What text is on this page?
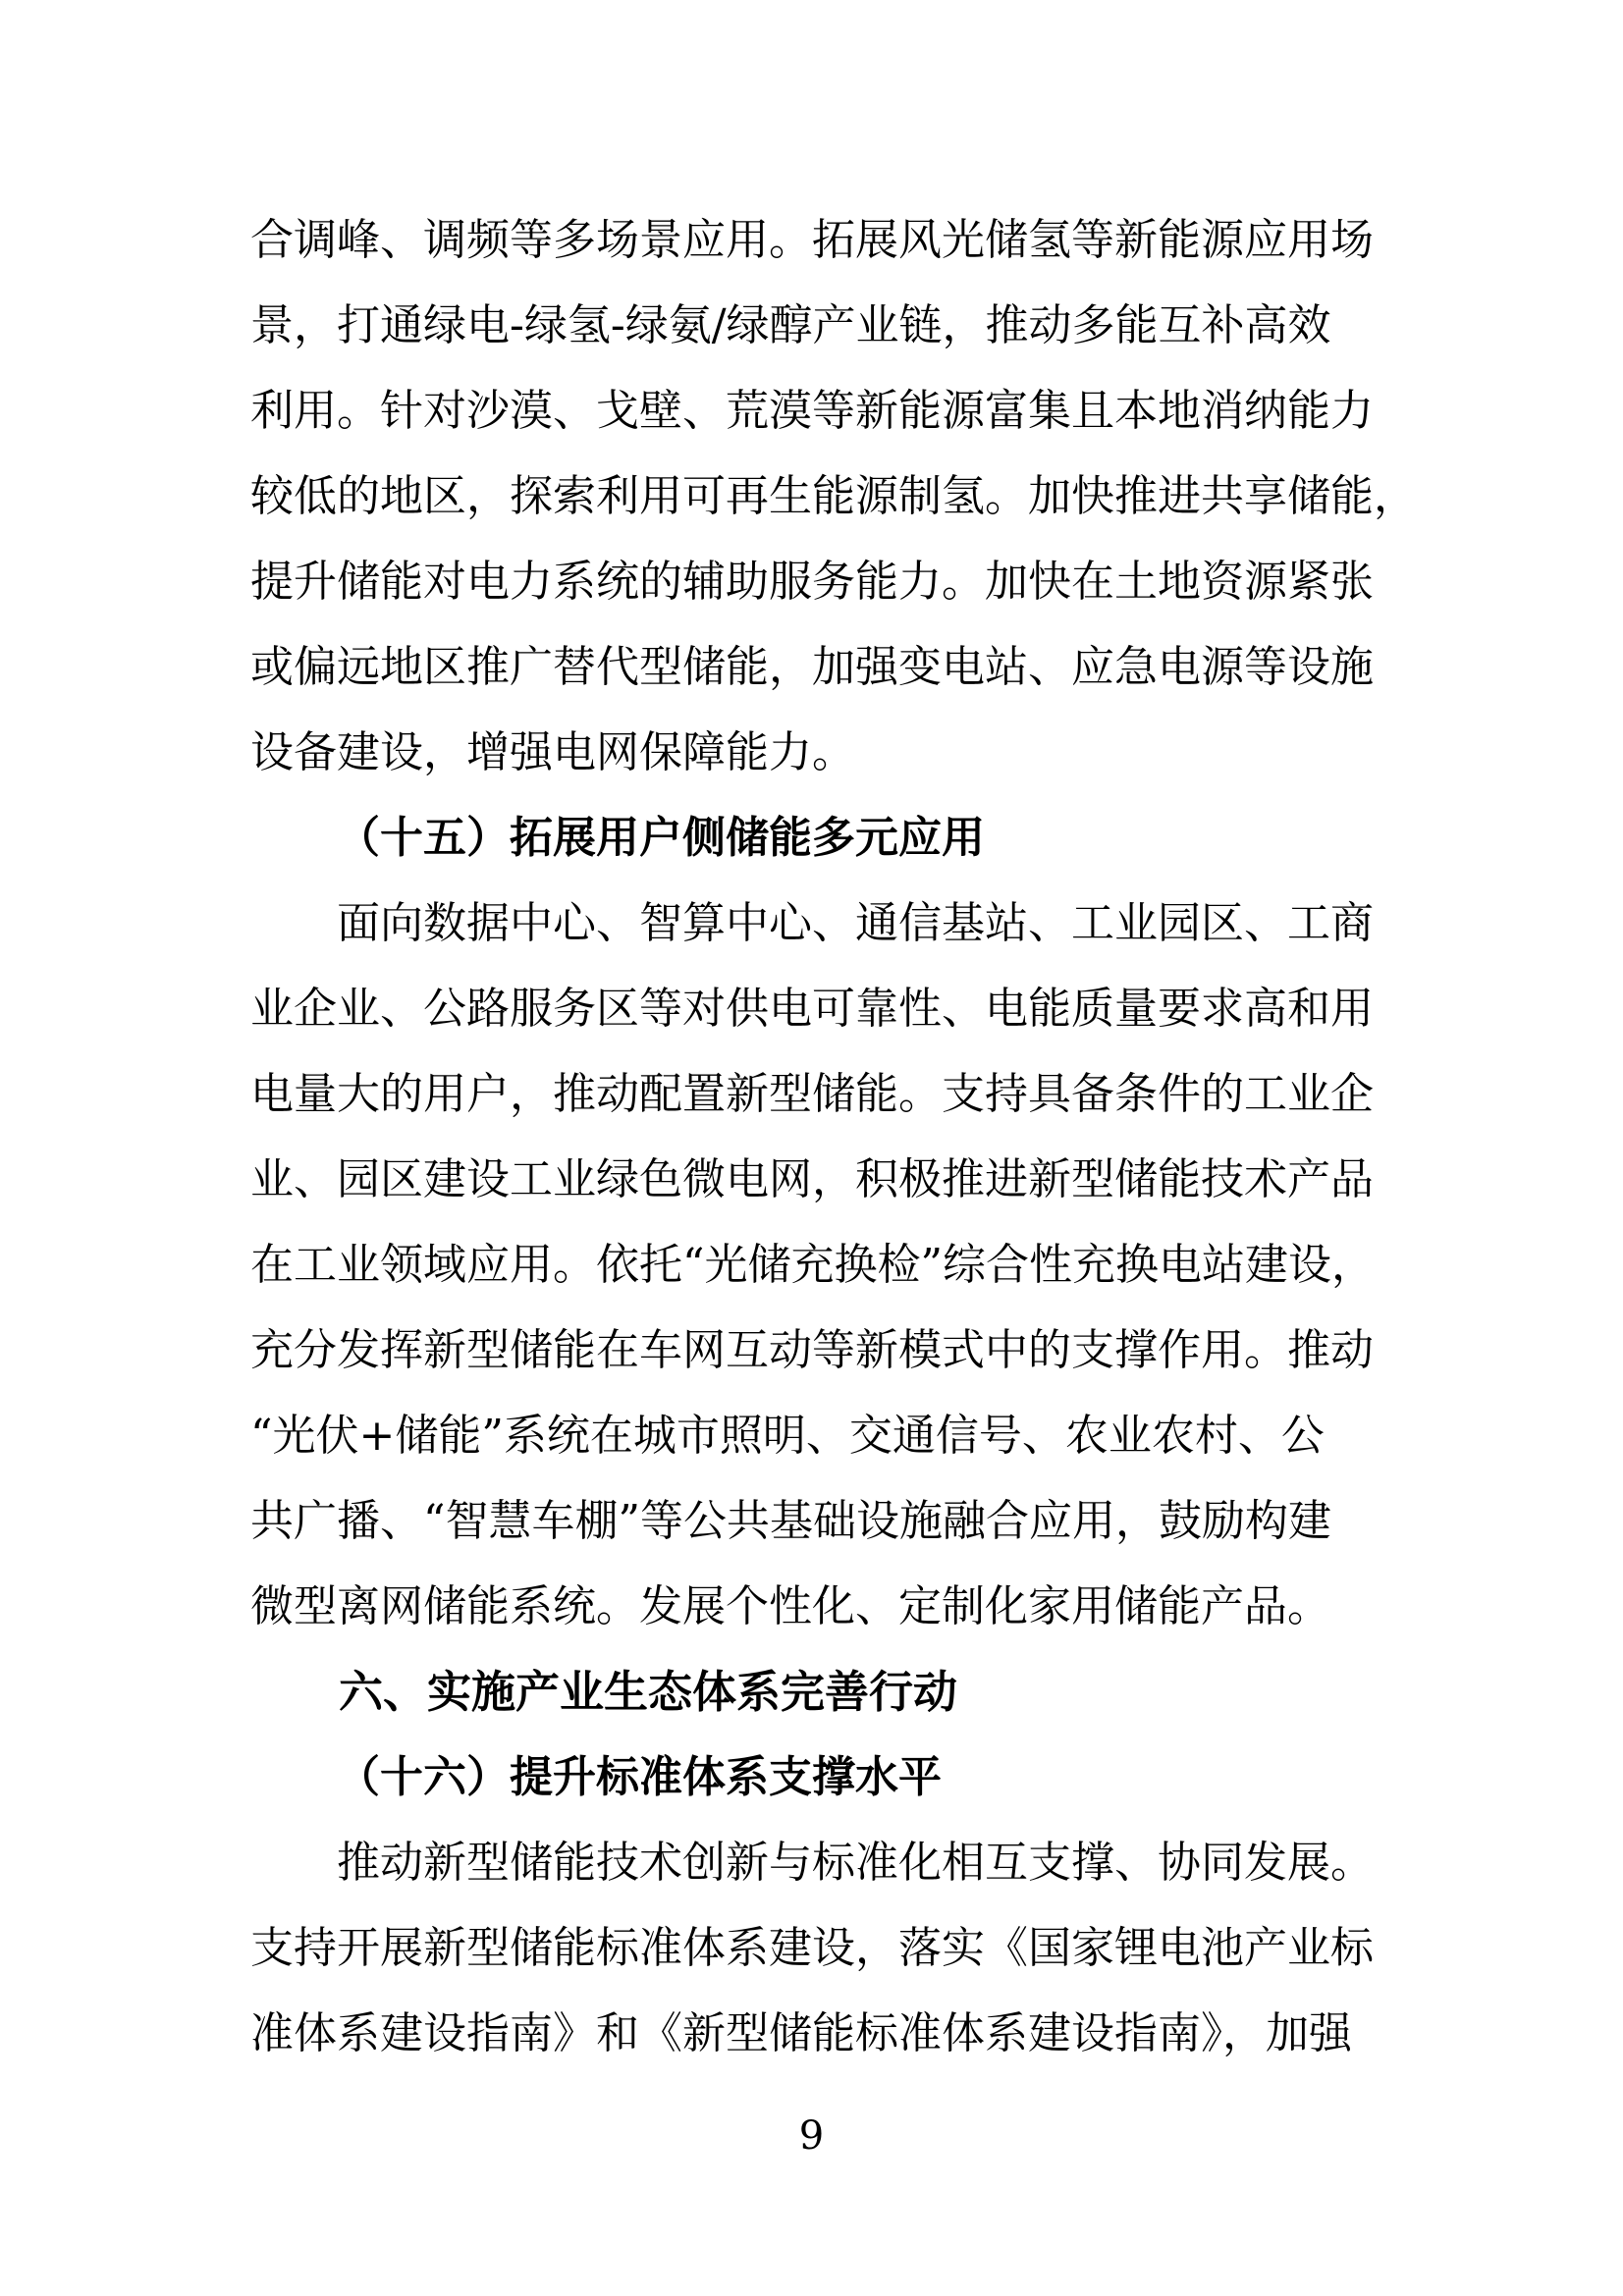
合调峰、调频等多场景应用。拓展风光储氢等新能源应用场
景，打通绿电-绿氢-绿氨/绿醇产业链，推动多能互补高效
利用。针对沙漠、戈壁、荒漠等新能源富集且本地消纳能力
较低的地区，探索利用可再生能源制氢。加快推进共享储能，
提升储能对电力系统的辅助服务能力。加快在土地资源紧张
或偏远地区推广替代型储能，加强变电站、应急电源等设施
设备建设，增强电网保障能力。
（十五）拓展用户侧储能多元应用
面向数据中心、智算中心、通信基站、工业园区、工商
业企业、公路服务区等对供电可靠性、电能质量要求高和用
电量大的用户，推动配置新型储能。支持具备条件的工业企
业、园区建设工业绿色微电网，积极推进新型储能技术产品
在工业领域应用。依托“光储充换检”综合性充换电站建设，
充分发挥新型储能在车网互动等新模式中的支撑作用。推动
“光伏+储能”系统在城市照明、交通信号、农业农村、公
共广播、“智慧车棚”等公共基础设施融合应用，鼓励构建
微型离网储能系统。发展个性化、定制化家用储能产品。
六、实施产业生态体系完善行动
（十六）提升标准体系支撑水平
推动新型储能技术创新与标准化相互支撑、协同发展。
支持开展新型储能标准体系建设，落实《国家锂电池产业标
准体系建设指南》和《新型储能标准体系建设指南》，加强
9
